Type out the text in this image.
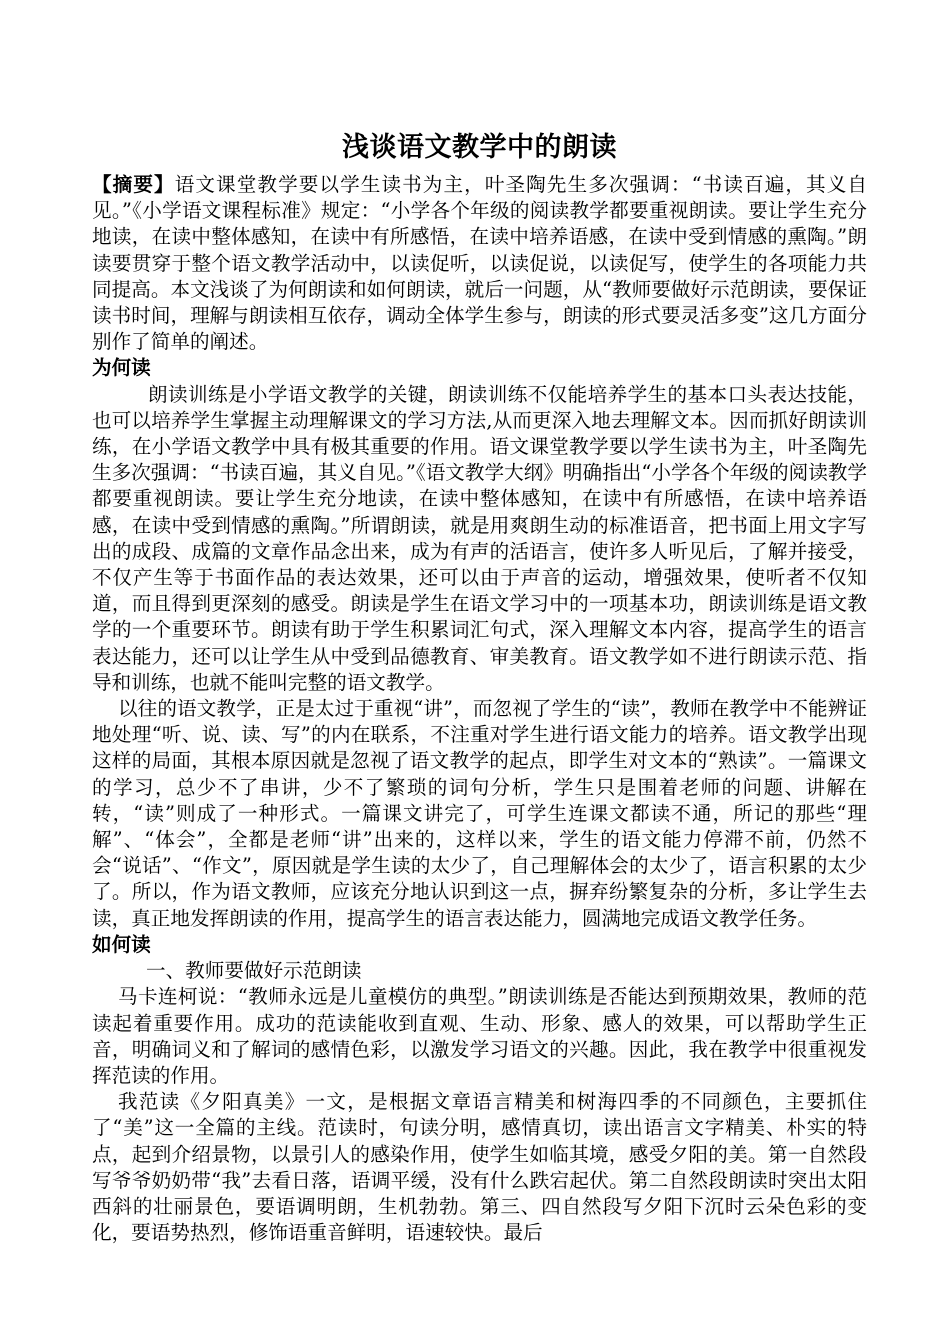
浅谈语文教学中的朗读

【摘要】语文课堂教学要以学生读书为主，叶圣陶先生多次强调：“书读百遍，其义自见。”《小学语文课程标准》规定：“小学各个年级的阅读教学都要重视朗读。要让学生充分地读，在读中整体感知，在读中有所感悟，在读中培养语感，在读中受到情感的熏陶。”朗读要贯穿于整个语文教学活动中，以读促听，以读促说，以读促写，使学生的各项能力共同提高。本文浅谈了为何朗读和如何朗读，就后一问题，从“教师要做好示范朗读，要保证读书时间，理解与朗读相互依存，调动全体学生参与，朗读的形式要灵活多变”这几方面分别作了简单的阐述。

为何读

朗读训练是小学语文教学的关键，朗读训练不仅能培养学生的基本口头表达技能，也可以培养学生掌握主动理解课文的学习方法,从而更深入地去理解文本。因而抓好朗读训练，在小学语文教学中具有极其重要的作用。语文课堂教学要以学生读书为主，叶圣陶先生多次强调：“书读百遍，其义自见。”《语文教学大纲》明确指出“小学各个年级的阅读教学都要重视朗读。要让学生充分地读，在读中整体感知，在读中有所感悟，在读中培养语感，在读中受到情感的熏陶。”所谓朗读，就是用爽朗生动的标准语音，把书面上用文字写出的成段、成篇的文章作品念出来，成为有声的活语言，使许多人听见后，了解并接受，不仅产生等于书面作品的表达效果，还可以由于声音的运动，增强效果，使听者不仅知道，而且得到更深刻的感受。朗读是学生在语文学习中的一项基本功，朗读训练是语文教学的一个重要环节。朗读有助于学生积累词汇句式，深入理解文本内容，提高学生的语言表达能力，还可以让学生从中受到品德教育、审美教育。语文教学如不进行朗读示范、指导和训练，也就不能叫完整的语文教学。

以往的语文教学，正是太过于重视“讲”，而忽视了学生的“读”，教师在教学中不能辨证地处理“听、说、读、写”的内在联系，不注重对学生进行语文能力的培养。语文教学出现这样的局面，其根本原因就是忽视了语文教学的起点，即学生对文本的“熟读”。一篇课文的学习，总少不了串讲，少不了繁琐的词句分析，学生只是围着老师的问题、讲解在转，“读”则成了一种形式。一篇课文讲完了，可学生连课文都读不通，所记的那些“理解”、“体会”，全都是老师“讲”出来的，这样以来，学生的语文能力停滞不前，仍然不会“说话”、“作文”，原因就是学生读的太少了，自己理解体会的太少了，语言积累的太少了。所以，作为语文教师，应该充分地认识到这一点，摒弃纷繁复杂的分析，多让学生去读，真正地发挥朗读的作用，提高学生的语言表达能力，圆满地完成语文教学任务。

如何读

一、教师要做好示范朗读

马卡连柯说：“教师永远是儿童模仿的典型。”朗读训练是否能达到预期效果，教师的范读起着重要作用。成功的范读能收到直观、生动、形象、感人的效果，可以帮助学生正音，明确词义和了解词的感情色彩，以激发学习语文的兴趣。因此，我在教学中很重视发挥范读的作用。

我范读《夕阳真美》一文，是根据文章语言精美和树海四季的不同颜色，主要抓住了“美”这一全篇的主线。范读时，句读分明，感情真切，读出语言文字精美、朴实的特点，起到介绍景物，以景引人的感染作用，使学生如临其境，感受夕阳的美。第一自然段写爷爷奶奶带“我”去看日落，语调平缓，没有什么跌宕起伏。第二自然段朗读时突出太阳西斜的壮丽景色，要语调明朗，生机勃勃。第三、四自然段写夕阳下沉时云朵色彩的变化，要语势热烈，修饰语重音鲜明，语速较快。最后
